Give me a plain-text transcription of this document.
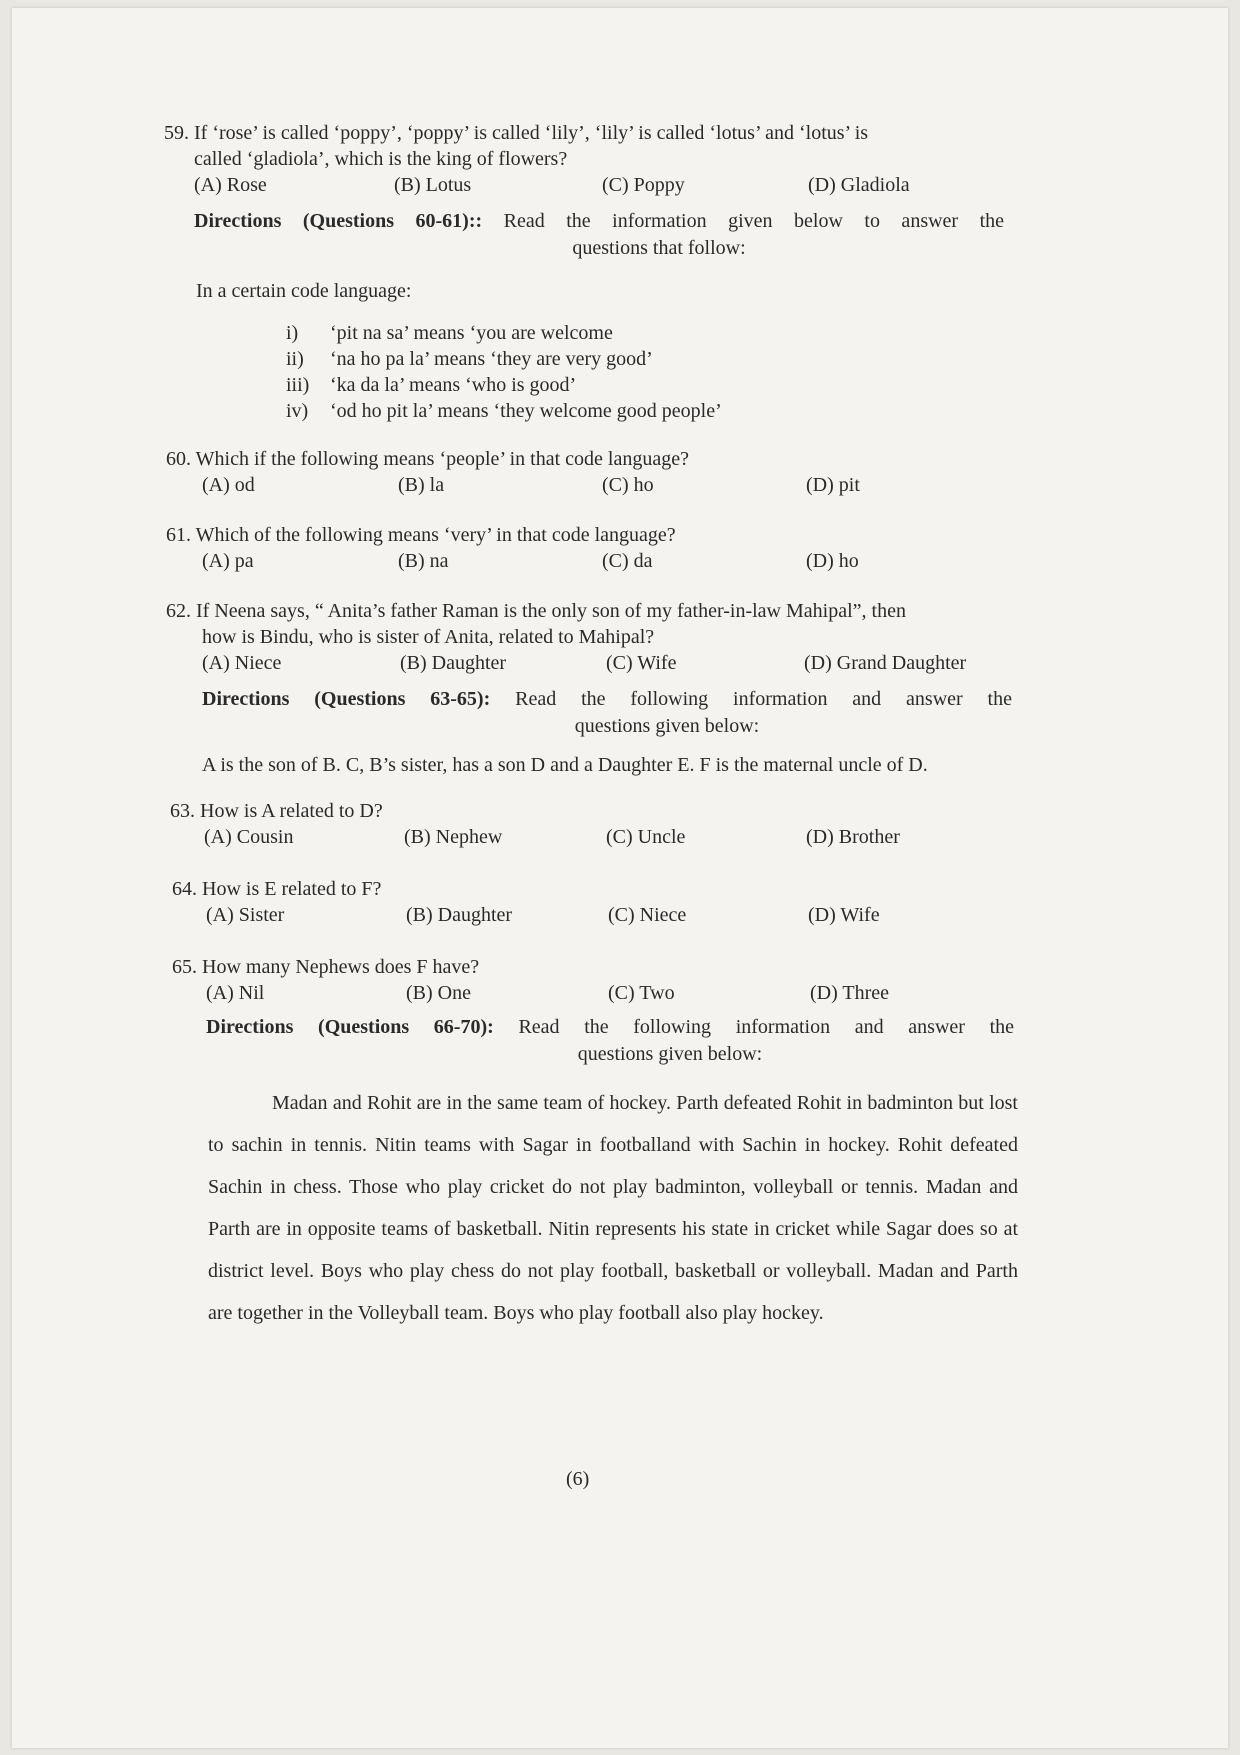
59. If ‘rose’ is called ‘poppy’, ‘poppy’ is called ‘lily’, ‘lily’ is called ‘lotus’ and ‘lotus’ is
called ‘gladiola’, which is the king of flowers?
(A) Rose	(B) Lotus	(C) Poppy	(D) Gladiola
Directions (Questions 60-61):: Read the information given below to answer the
questions that follow:
In a certain code language:
i) ‘pit na sa’ means ‘you are welcome
ii) ‘na ho pa la’ means ‘they are very good’
iii) ‘ka da la’ means ‘who is good’
iv) ‘od ho pit la’ means ‘they welcome good people’
60. Which if the following means ‘people’ in that code language?
(A) od	(B) la	(C) ho	(D) pit
61. Which of the following means ‘very’ in that code language?
(A) pa	(B) na	(C) da	(D) ho
62. If Neena says, “ Anita’s father Raman is the only son of my father-in-law Mahipal”, then
how is Bindu, who is sister of Anita, related to Mahipal?
(A) Niece	(B) Daughter	(C) Wife	(D) Grand Daughter
Directions (Questions 63-65): Read the following information and answer the
questions given below:
A is the son of B. C, B’s sister, has a son D and a Daughter E. F is the maternal uncle of D.
63. How is A related to D?
(A) Cousin	(B) Nephew	(C) Uncle	(D) Brother
64. How is E related to F?
(A) Sister	(B) Daughter	(C) Niece	(D) Wife
65. How many Nephews does F have?
(A) Nil	(B) One	(C) Two	(D) Three
Directions (Questions 66-70): Read the following information and answer the
questions given below:
Madan and Rohit are in the same team of hockey. Parth defeated Rohit in badminton but lost to sachin in tennis. Nitin teams with Sagar in footballand with Sachin in hockey. Rohit defeated Sachin in chess. Those who play cricket do not play badminton, volleyball or tennis. Madan and Parth are in opposite teams of basketball. Nitin represents his state in cricket while Sagar does so at district level. Boys who play chess do not play football, basketball or volleyball. Madan and Parth are together in the Volleyball team. Boys who play football also play hockey.
(6)
